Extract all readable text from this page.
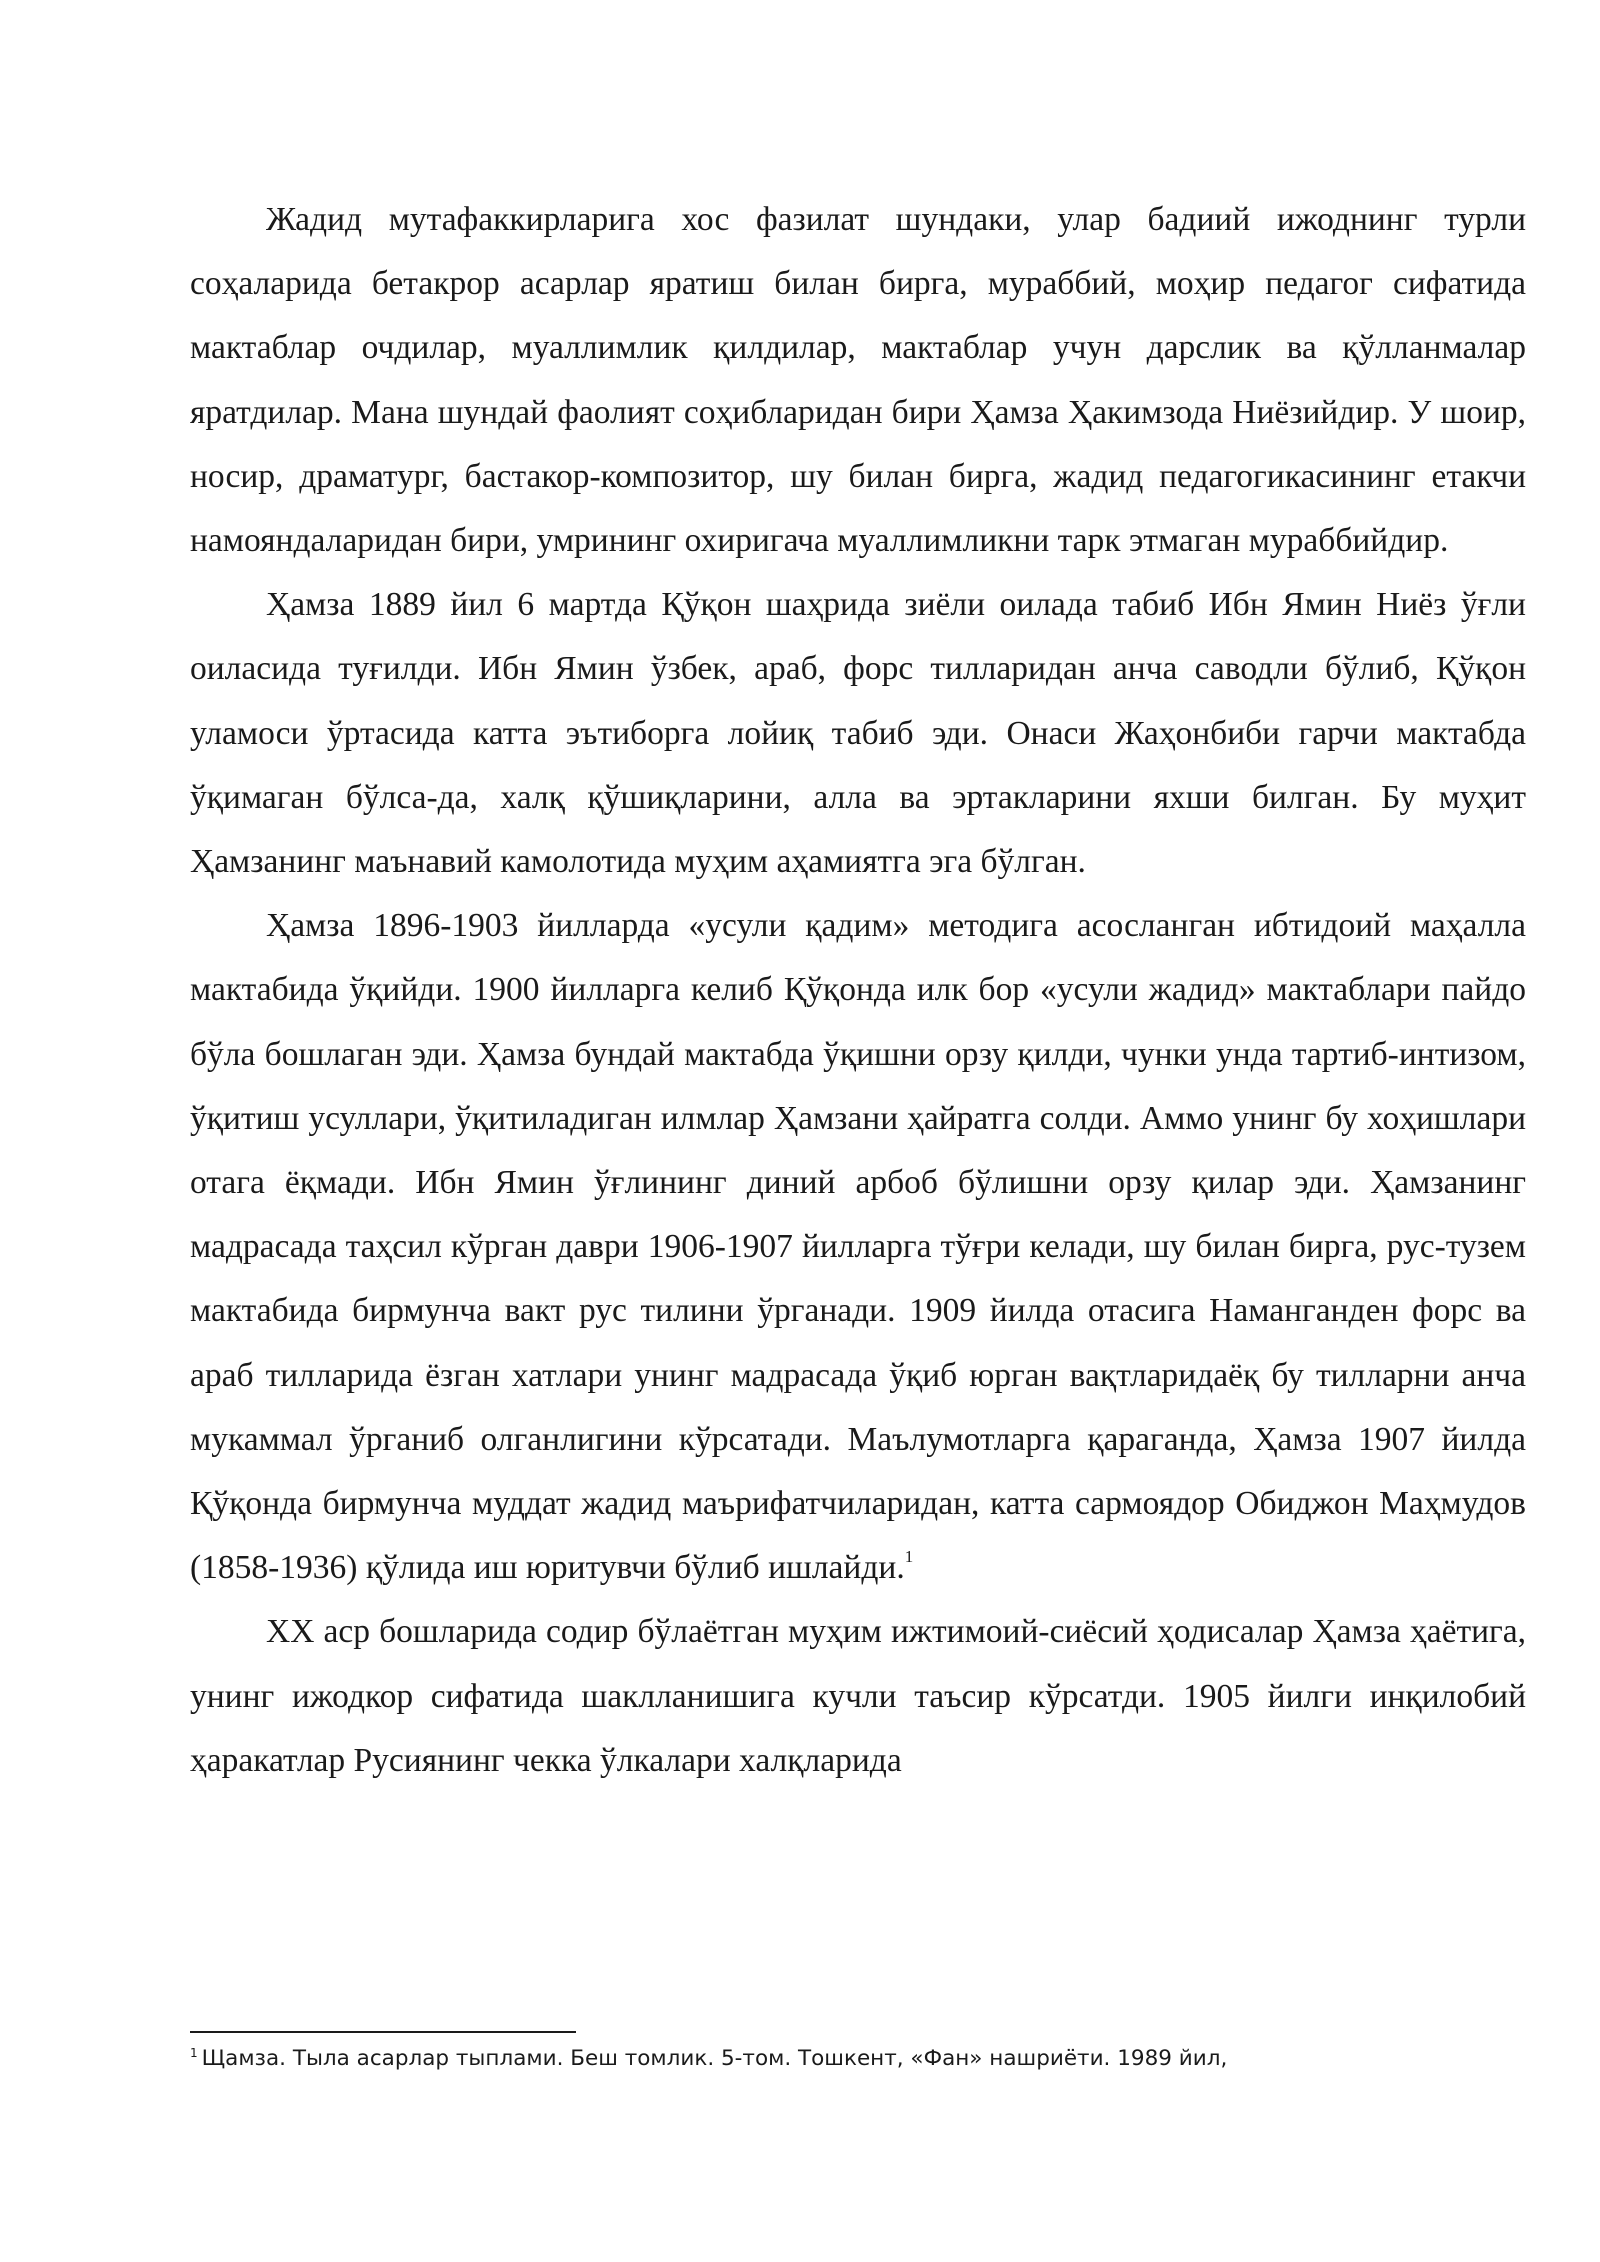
Жадид мутафаккирларига хос фазилат шундаки, улар бадиий ижоднинг турли соҳаларида бетакрор асарлар яратиш билан бирга, мураббий, моҳир педагог сифатида мактаблар очдилар, муаллимлик қилдилар, мактаблар учун дарслик ва қўлланмалар яратдилар. Мана шундай фаолият соҳибларидан бири Ҳамза Ҳакимзода Ниёзийдир. У шоир, носир, драматург, бастакор-композитор, шу билан бирга, жадид педагогикасининг етакчи намояндаларидан бири, умрининг охиригача муаллимликни тарк этмаган мураббийдир.

Ҳамза 1889 йил 6 мартда Қўқон шаҳрида зиёли оилада табиб Ибн Ямин Ниёз ўғли оиласида туғилди. Ибн Ямин ўзбек, араб, форс тилларидан анча саводли бўлиб, Қўқон уламоси ўртасида катта эътиборга лойиқ табиб эди. Онаси Жаҳонбиби гарчи мактабда ўқимаган бўлса-да, халқ қўшиқларини, алла ва эртакларини яхши билган. Бу муҳит Ҳамзанинг маънавий камолотида муҳим аҳамиятга эга бўлган.

Ҳамза 1896-1903 йилларда «усули қадим» методига асосланган ибтидоий маҳалла мактабида ўқийди. 1900 йилларга келиб Қўқонда илк бор «усули жадид» мактаблари пайдо бўла бошлаган эди. Ҳамза бундай мактабда ўқишни орзу қилди, чунки унда тартиб-интизом, ўқитиш усуллари, ўқитиладиган илмлар Ҳамзани ҳайратга солди. Аммо унинг бу хоҳишлари отага ёқмади. Ибн Ямин ўғлининг диний арбоб бўлишни орзу қилар эди. Ҳамзанинг мадрасада таҳсил кўрган даври 1906-1907 йилларга тўғри келади, шу билан бирга, рус-тузем мактабида бирмунча вакт рус тилини ўрганади. 1909 йилда отасига Наманганден форс ва араб тилларида ёзган хатлари унинг мадрасада ўқиб юрган вақтларидаёқ бу тилларни анча мукаммал ўрганиб олганлигини кўрсатади. Маълумотларга қараганда, Ҳамза 1907 йилда Қўқонда бирмунча муддат жадид маърифатчиларидан, катта сармоядор Обиджон Маҳмудов (1858-1936) қўлида иш юритувчи бўлиб ишлайди.$^1$

XX аср бошларида содир бўлаётган муҳим ижтимоий-сиёсий ҳодисалар Ҳамза ҳаётига, унинг ижодкор сифатида шаклланишига кучли таъсир кўрсатди. 1905 йилги инқилобий ҳаракатлар Русиянинг чекка ўлкалари халқларида

$^1$ Щамза. Тыла асарлар тыплами. Беш томлик. 5-том. Тошкент, «Фан» нашриёти. 1989 йил,
